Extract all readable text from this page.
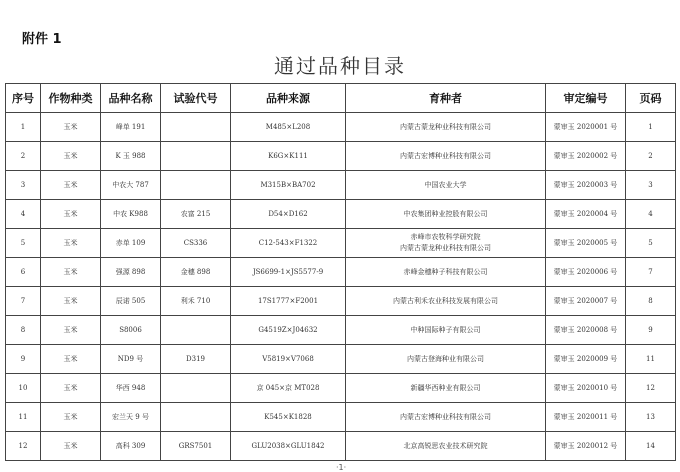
附件 1
通过品种目录
序号	作物种类	品种名称	试验代号	品种来源	育种者	审定编号	页码
1	玉米	峰单 191		M485×L208	内蒙古蒙龙种业科技有限公司	蒙审玉 2020001 号	1
2	玉米	K 玉 988		K6G×K111	内蒙古宏博种业科技有限公司	蒙审玉 2020002 号	2
3	玉米	中农大 787		M315B×BA702	中国农业大学	蒙审玉 2020003 号	3
4	玉米	中农 K988	农富 215	D54×D162	中农集团种业控股有限公司	蒙审玉 2020004 号	4
5	玉米	赤单 109	CS336	C12-543×F1322	赤峰市农牧科学研究院
内蒙古蒙龙种业科技有限公司	蒙审玉 2020005 号	5
6	玉米	强源 898	金穗 898	JS6699-1×JS5577-9	赤峰金穗种子科技有限公司	蒙审玉 2020006 号	7
7	玉米	辰诺 505	利禾 710	17S1777×F2001	内蒙古利禾农业科技发展有限公司	蒙审玉 2020007 号	8
8	玉米	S8006		G4519Z×J04632	中种国际种子有限公司	蒙审玉 2020008 号	9
9	玉米	ND9 号	D319	V5819×V7068	内蒙古登海种业有限公司	蒙审玉 2020009 号	11
10	玉米	华西 948		京 045×京 MT028	新疆华西种业有限公司	蒙审玉 2020010 号	12
11	玉米	宏兰天 9 号		K545×K1828	内蒙古宏博种业科技有限公司	蒙审玉 2020011 号	13
12	玉米	高科 309	GRS7501	GLU2038×GLU1842	北京高锐思农业技术研究院	蒙审玉 2020012 号	14
·1·
